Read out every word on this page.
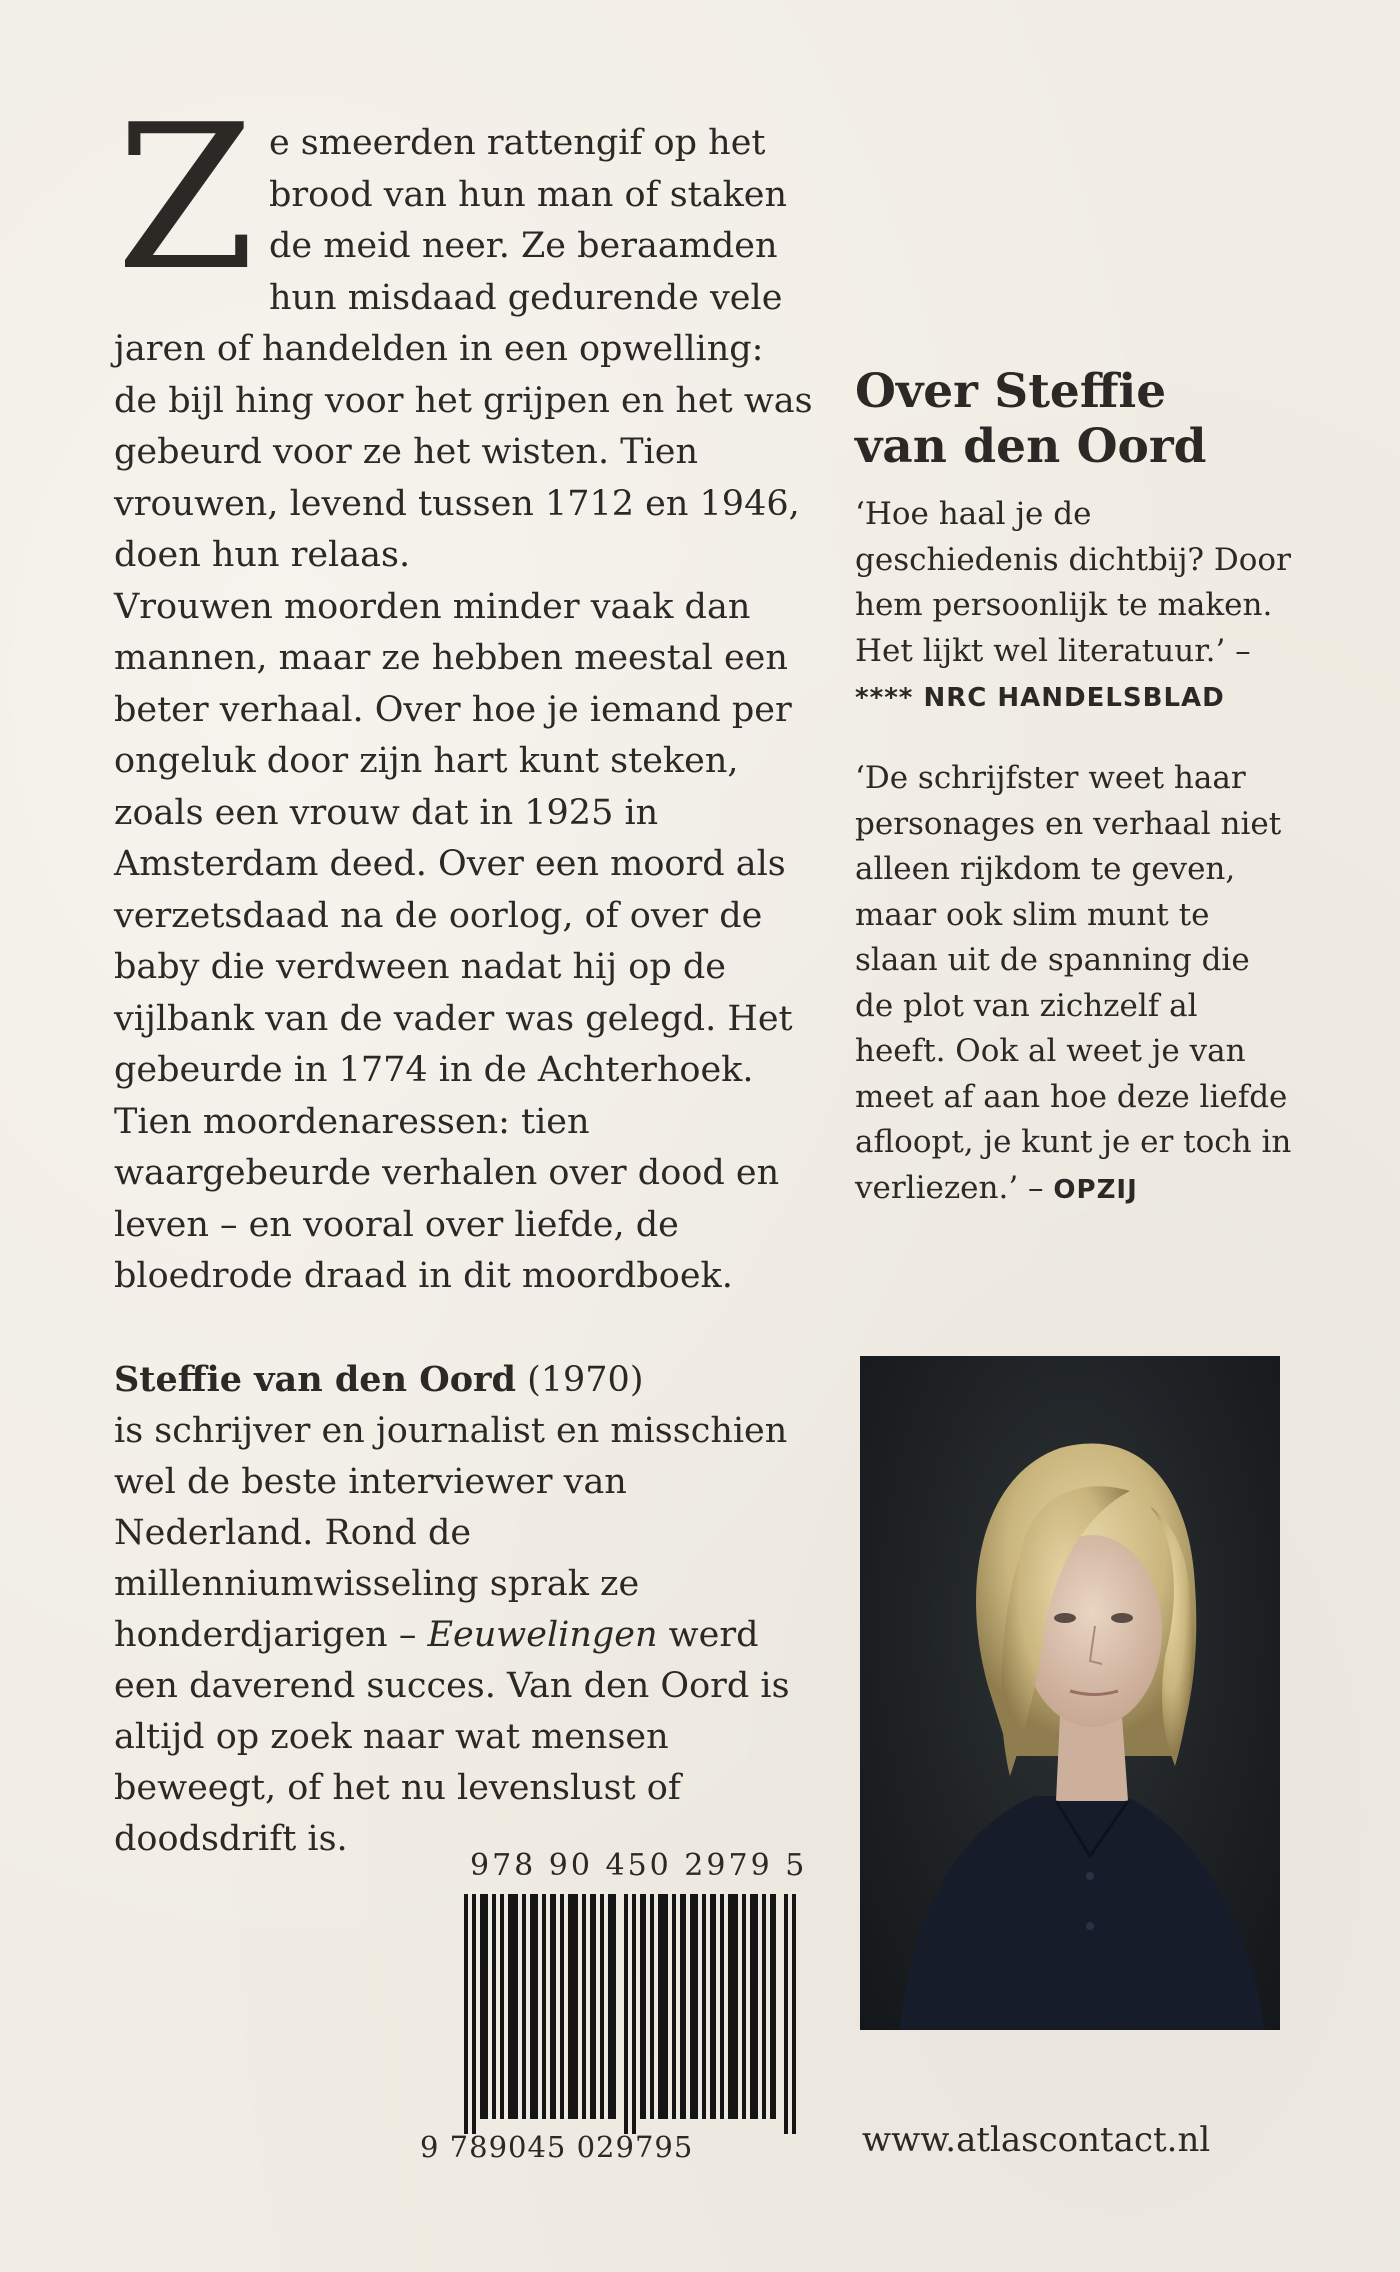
Ze smeerden rattengif op het brood van hun man of staken de meid neer. Ze beraamden hun misdaad gedurende vele jaren of handelden in een opwelling: de bijl hing voor het grijpen en het was gebeurd voor ze het wisten. Tien vrouwen, levend tussen 1712 en 1946, doen hun relaas.
Vrouwen moorden minder vaak dan mannen, maar ze hebben meestal een beter verhaal. Over hoe je iemand per ongeluk door zijn hart kunt steken, zoals een vrouw dat in 1925 in Amsterdam deed. Over een moord als verzetsdaad na de oorlog, of over de baby die verdween nadat hij op de vijlbank van de vader was gelegd. Het gebeurde in 1774 in de Achterhoek. Tien moordenaressen: tien waargebeurde verhalen over dood en leven – en vooral over liefde, de bloedrode draad in dit moordboek.

Steffie van den Oord (1970)
is schrijver en journalist en misschien wel de beste interviewer van Nederland. Rond de millenniumwisseling sprak ze honderdjarigen – Eeuwelingen werd een daverend succes. Van den Oord is altijd op zoek naar wat mensen beweegt, of het nu levenslust of doodsdrift is.

Over Steffie
van den Oord

‘Hoe haal je de geschiedenis dichtbij? Door hem persoonlijk te maken. Het lijkt wel literatuur.’ –

**** NRC HANDELSBLAD

‘De schrijfster weet haar personages en verhaal niet alleen rijkdom te geven, maar ook slim munt te slaan uit de spanning die de plot van zichzelf al heeft. Ook al weet je van meet af aan hoe deze liefde afloopt, je kunt je er toch in verliezen.’ – OPZIJ

978 90 450 2979 5
9 789045 029795	www.atlascontact.nl
